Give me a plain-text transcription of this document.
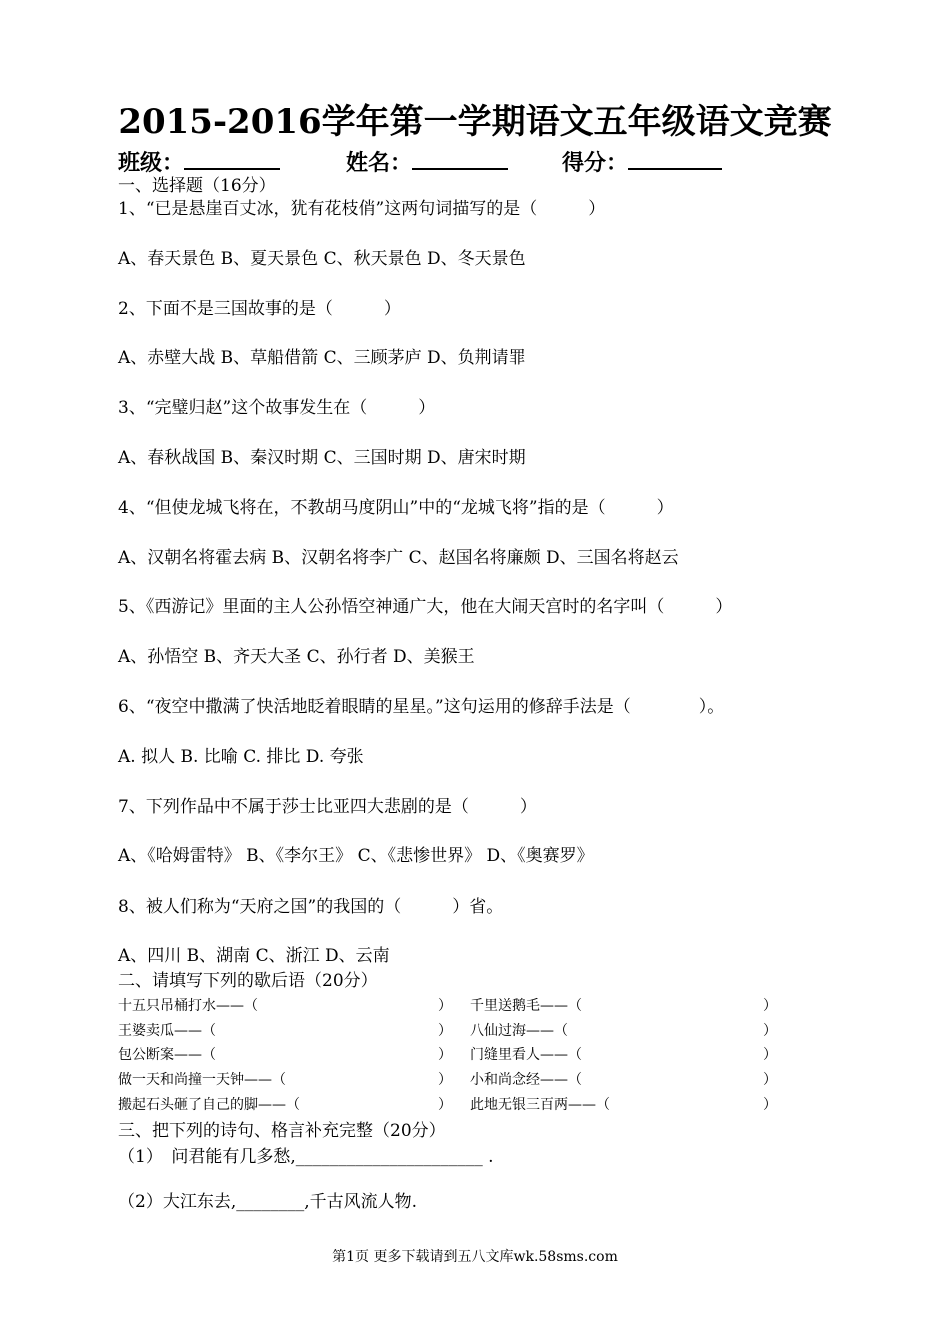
2015-2016学年第一学期语文五年级语文竞赛
班级：	姓名：	得分：
一、选择题（16分）
1、“已是悬崖百丈冰，犹有花枝俏”这两句词描写的是（　　　）
A、春天景色 B、夏天景色 C、秋天景色 D、冬天景色
2、下面不是三国故事的是（　　　）
A、赤壁大战 B、草船借箭 C、三顾茅庐 D、负荆请罪
3、“完璧归赵”这个故事发生在（　　　）
A、春秋战国 B、秦汉时期 C、三国时期 D、唐宋时期
4、“但使龙城飞将在，不教胡马度阴山”中的“龙城飞将”指的是（　　　）
A、汉朝名将霍去病 B、汉朝名将李广 C、赵国名将廉颇 D、三国名将赵云
5、《西游记》里面的主人公孙悟空神通广大，他在大闹天宫时的名字叫（　　　）
A、孙悟空 B、齐天大圣 C、孙行者 D、美猴王
6、“夜空中撒满了快活地眨着眼睛的星星。”这句运用的修辞手法是（　　　　）。
A. 拟人 B. 比喻 C. 排比 D. 夸张
7、下列作品中不属于莎士比亚四大悲剧的是（　　　）
A、《哈姆雷特》 B、《李尔王》 C、《悲惨世界》 D、《奥赛罗》
8、被人们称为“天府之国”的我国的（　　　）省。
A、四川 B、湖南 C、浙江 D、云南
二、请填写下列的歇后语（20分）
十五只吊桶打水——（	） 千里送鹅毛——（	）
王婆卖瓜——（	） 八仙过海——（	）
包公断案——（	） 门缝里看人——（	）
做一天和尚撞一天钟——（	） 小和尚念经——（	）
搬起石头砸了自己的脚——（	） 此地无银三百两——（	）
三、把下列的诗句、格言补充完整（20分）
（1）　问君能有几多愁,______________________ .
（2）大江东去,________,千古风流人物.
第1页 更多下载请到五八文库wk.58sms.com
